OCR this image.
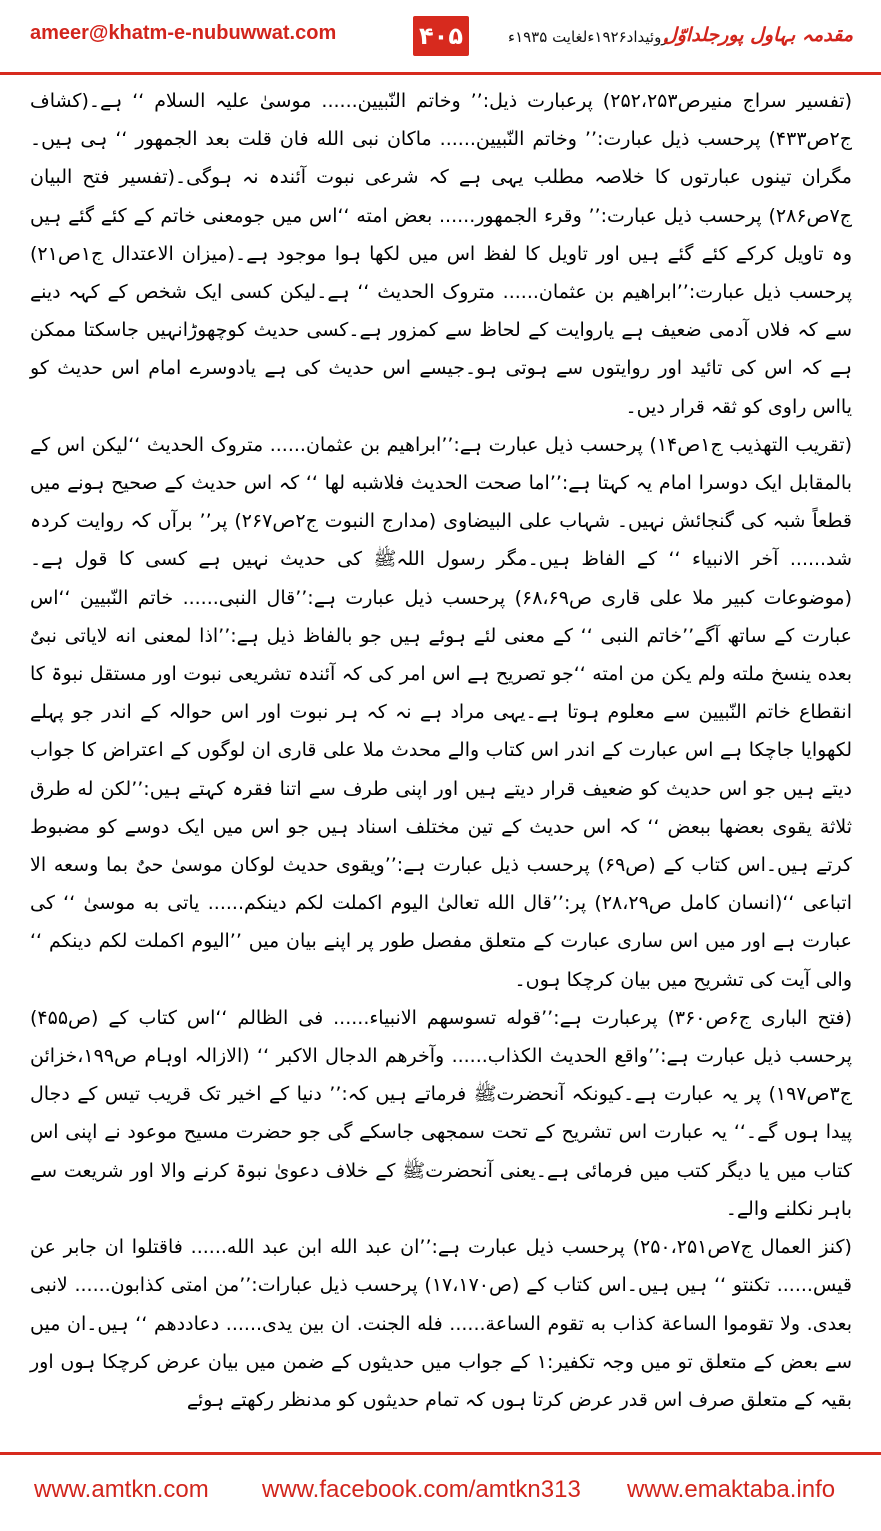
ameer@khatm-e-nubuwwat.com	۴۰۵	روئیداد۱۹۲۶ءلغایت ۱۹۳۵ء
مقدمہ بہاول پورجلداوّل

(تفسیر سراج منیرص۲۵۲،۲۵۳) پرعبارت ذیل:’’ وخاتم النّبیین...... موسیٰ علیہ السلام ‘‘ ہے۔(کشاف ج۲ص۴۳۳) پرحسب ذیل عبارت:’’ وخاتم النّبیین...... ماکان نبی الله فان قلت بعد الجمهور ‘‘ ہی ہیں۔مگران تینوں عبارتوں کا خلاصہ مطلب یہی ہے کہ شرعی نبوت آئندہ نہ ہوگی۔(تفسیر فتح البیان ج۷ص۲۸۶) پرحسب ذیل عبارت:’’ وقرء الجمهور...... بعض امته ‘‘اس میں جومعنی خاتم کے کئے گئے ہیں وہ تاویل کرکے کئے گئے ہیں اور تاویل کا لفظ اس میں لکھا ہوا موجود ہے۔(میزان الاعتدال ج۱ص۲۱) پرحسب ذیل عبارت:’’ابراهیم بن عثمان...... متروک الحدیث ‘‘ ہے۔لیکن کسی ایک شخص کے کہہ دینے سے کہ فلاں آدمی ضعیف ہے یاروایت کے لحاظ سے کمزور ہے۔کسی حدیث کوچھوڑانہیں جاسکتا ممکن ہے کہ اس کی تائید اور روایتوں سے ہوتی ہو۔جیسے اس حدیث کی ہے یادوسرے امام اس حدیث کو یااس راوی کو ثقہ قرار دیں۔

(تقریب التھذیب ج۱ص۱۴) پرحسب ذیل عبارت ہے:’’ابراهیم بن عثمان...... متروک الحدیث ‘‘لیکن اس کے بالمقابل ایک دوسرا امام یہ کہتا ہے:’’اما صحت الحدیث فلاشبه لها ‘‘ کہ اس حدیث کے صحیح ہونے میں قطعاً شبہ کی گنجائش نہیں۔ شہاب علی البیضاوی (مدارج النبوت ج۲ص۲۶۷) پر’’ برآں کہ روایت کردہ شد...... آخر الانبیاء ‘‘ کے الفاظ ہیں۔مگر رسول اللہﷺ کی حدیث نہیں ہے کسی کا قول ہے۔(موضوعات کبیر ملا علی قاری ص۶۸،۶۹) پرحسب ذیل عبارت ہے:’’قال النبی...... خاتم النّبیین ‘‘اس عبارت کے ساتھ آگے’’خاتم النبی ‘‘ کے معنی لئے ہوئے ہیں جو بالفاظ ذیل ہے:’’اذا لمعنی انه لایاتی نبیٌ بعده ینسخ ملته ولم یکن من امته ‘‘جو تصریح ہے اس امر کی کہ آئندہ تشریعی نبوت اور مستقل نبوۃ کا انقطاع خاتم النّبیین سے معلوم ہوتا ہے۔یہی مراد ہے نہ کہ ہر نبوت اور اس حوالہ کے اندر جو پہلے لکھوایا جاچکا ہے اس عبارت کے اندر اس کتاب والے محدث ملا علی قاری ان لوگوں کے اعتراض کا جواب دیتے ہیں جو اس حدیث کو ضعیف قرار دیتے ہیں اور اپنی طرف سے اتنا فقرہ کہتے ہیں:’’لکن له طرق ثلاثة یقوی بعضها ببعض ‘‘ کہ اس حدیث کے تین مختلف اسناد ہیں جو اس میں ایک دوسے کو مضبوط کرتے ہیں۔اس کتاب کے (ص۶۹) پرحسب ذیل عبارت ہے:’’ویقوی حدیث لوکان موسیٰ حیٌ بما وسعه الا اتباعی ‘‘(انسان کامل ص۲۸،۲۹) پر:’’قال الله تعالیٰ الیوم اکملت لکم دینکم...... یاتی به موسیٰ ‘‘ کی عبارت ہے اور میں اس ساری عبارت کے متعلق مفصل طور پر اپنے بیان میں ’’الیوم اکملت لکم دینکم ‘‘ والی آیت کی تشریح میں بیان کرچکا ہوں۔

(فتح الباری ج۶ص۳۶۰) پرعبارت ہے:’’قوله تسوسهم الانبیاء...... فی الظالم ‘‘اس کتاب کے (ص۴۵۵) پرحسب ذیل عبارت ہے:’’واقع الحدیث الکذاب...... وآخرهم الدجال الاکبر ‘‘ (الازالہ اوہام ص۱۹۹،خزائن ج۳ص۱۹۷) پر یہ عبارت ہے۔کیونکہ آنحضرتﷺ فرماتے ہیں کہ:’’ دنیا کے اخیر تک قریب تیس کے دجال پیدا ہوں گے۔‘‘ یہ عبارت اس تشریح کے تحت سمجھی جاسکے گی جو حضرت مسیح موعود نے اپنی اس کتاب میں یا دیگر کتب میں فرمائی ہے۔یعنی آنحضرتﷺ کے خلاف دعویٰ نبوۃ کرنے والا اور شریعت سے باہر نکلنے والے۔

(کنز العمال ج۷ص۲۵۰،۲۵۱) پرحسب ذیل عبارت ہے:’’ان عبد الله ابن عبد الله...... فاقتلوا ان جابر عن قیس...... تکنتو ‘‘ ہیں ہیں۔اس کتاب کے (ص۱۷،۱۷۰) پرحسب ذیل عبارات:’’من امتی کذابون...... لانبی بعدی. ولا تقوموا الساعة کذاب به تقوم الساعة...... فله الجنت. ان بین یدی...... دعاددهم ‘‘ ہیں۔ان میں سے بعض کے متعلق تو میں وجہ تکفیر:۱ کے جواب میں حدیثوں کے ضمن میں بیان عرض کرچکا ہوں اور بقیہ کے متعلق صرف اس قدر عرض کرتا ہوں کہ تمام حدیثوں کو مدنظر رکھتے ہوئے

www.amtkn.com www.facebook.com/amtkn313 www.emaktaba.info
